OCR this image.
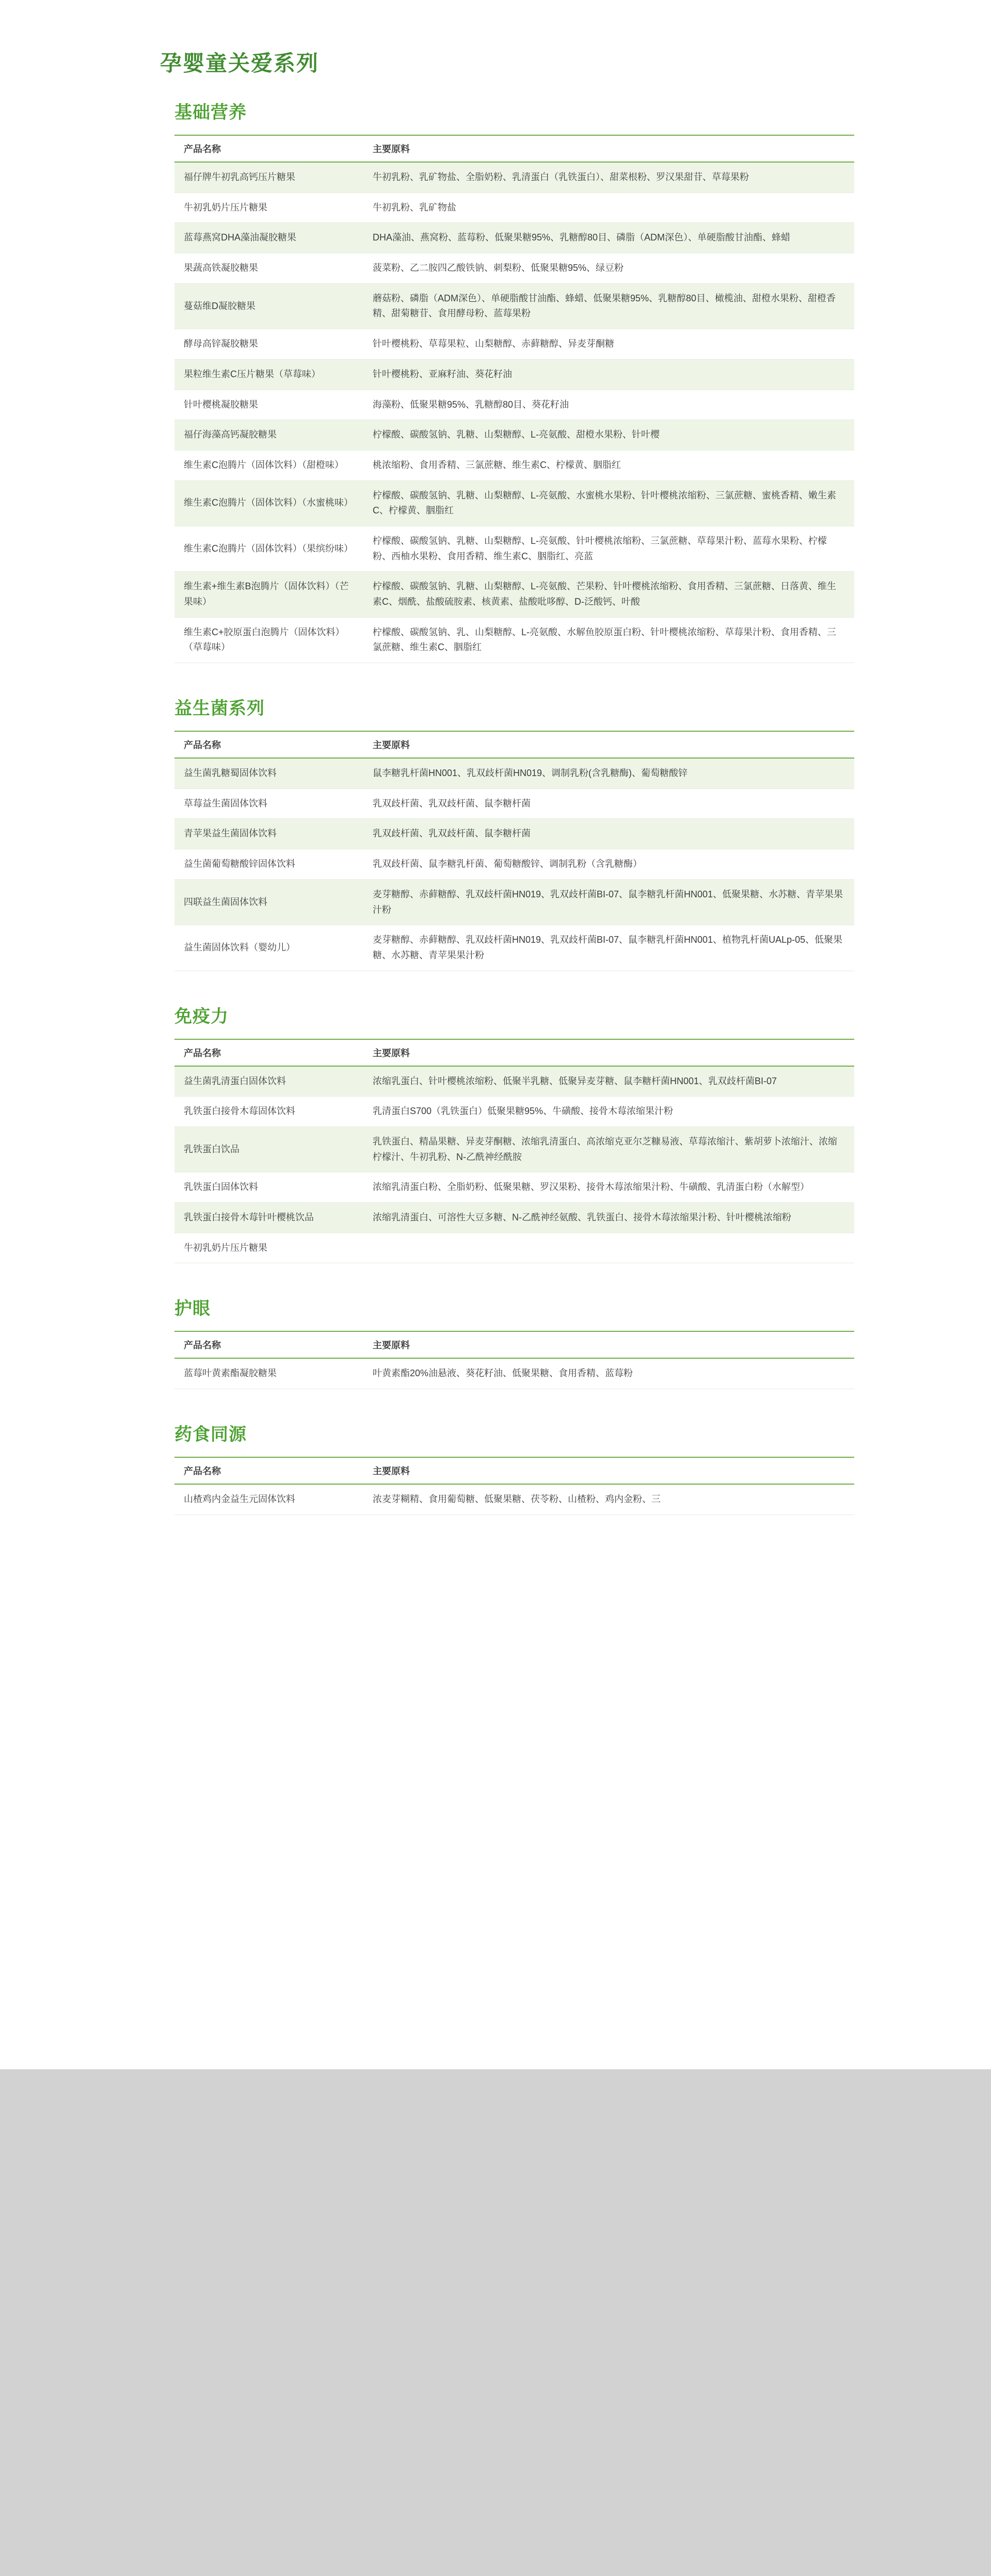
孕婴童关爱系列
基础营养
产品名称	主要原料
福仔牌牛初乳高钙压片糖果	牛初乳粉、乳矿物盐、全脂奶粉、乳清蛋白（乳铁蛋白）、甜菜根粉、罗汉果甜苷、草莓果粉
牛初乳奶片压片糖果	牛初乳粉、乳矿物盐
蓝莓燕窝DHA藻油凝胶糖果	DHA藻油、燕窝粉、蓝莓粉、低聚果糖95%、乳糖醇80目、磷脂（ADM深色）、单硬脂酸甘油酯、蜂蜡
果蔬高铁凝胶糖果	菠菜粉、乙二胺四乙酸铁钠、刺梨粉、低聚果糖95%、绿豆粉
蔓菇维D凝胶糖果	蘑菇粉、磷脂（ADM深色）、单硬脂酸甘油酯、蜂蜡、低聚果糖95%、乳糖醇80目、橄榄油、甜橙水果粉、甜橙香精、甜菊糖苷、食用酵母粉、蓝莓果粉
酵母高锌凝胶糖果	针叶樱桃粉、草莓果粒、山梨糖醇、赤藓糖醇、异麦芽酮糖
果粒维生素C压片糖果（草莓味）	针叶樱桃粉、亚麻籽油、葵花籽油
针叶樱桃凝胶糖果	海藻粉、低聚果糖95%、乳糖醇80目、葵花籽油
福仔海藻高钙凝胶糖果	柠檬酸、碳酸氢钠、乳糖、山梨糖醇、L-亮氨酸、甜橙水果粉、针叶樱
维生素C泡腾片（固体饮料）（甜橙味）	桃浓缩粉、食用香精、三氯蔗糖、维生素C、柠檬黄、胭脂红
维生素C泡腾片（固体饮料）（水蜜桃味）	柠檬酸、碳酸氢钠、乳糖、山梨糖醇、L-亮氨酸、水蜜桃水果粉、针叶樱桃浓缩粉、三氯蔗糖、蜜桃香精、嫩生素C、柠檬黄、胭脂红
维生素C泡腾片（固体饮料）（果缤纷味）	柠檬酸、碳酸氢钠、乳糖、山梨糖醇、L-亮氨酸、针叶樱桃浓缩粉、三氯蔗糖、草莓果汁粉、蓝莓水果粉、柠檬粉、西柚水果粉、食用香精、维生素C、胭脂红、亮蓝
维生素+维生素B泡腾片（固体饮料）（芒果味）	柠檬酸、碳酸氢钠、乳糖、山梨糖醇、L-亮氨酸、芒果粉、针叶樱桃浓缩粉、食用香精、三氯蔗糖、日落黄、维生素C、烟酰、盐酸硫胺素、核黄素、盐酸吡哆醇、D-泛酸钙、叶酸
维生素C+胶原蛋白泡腾片（固体饮料）（草莓味）	柠檬酸、碳酸氢钠、乳、山梨糖醇、L-亮氨酸、水解鱼胶原蛋白粉、针叶樱桃浓缩粉、草莓果汁粉、食用香精、三氯蔗糖、维生素C、胭脂红
益生菌系列
产品名称	主要原料
益生菌乳糖蜀固体饮料	鼠李糖乳杆菌HN001、乳双歧杆菌HN019、调制乳粉(含乳糖酶)、葡萄糖酸锌
草莓益生菌固体饮料	乳双歧杆菌、乳双歧杆菌、鼠李糖杆菌
青苹果益生菌固体饮料	乳双歧杆菌、乳双歧杆菌、鼠李糖杆菌
益生菌葡萄糖酸锌固体饮料	乳双歧杆菌、鼠李糖乳杆菌、葡萄糖酸锌、调制乳粉（含乳糖酶）
四联益生菌固体饮料	麦芽糖醇、赤藓糖醇、乳双歧杆菌HN019、乳双歧杆菌BI-07、鼠李糖乳杆菌HN001、低聚果糖、水苏糖、青苹果果汁粉
益生菌固体饮料（婴幼儿）	麦芽糖醇、赤藓糖醇、乳双歧杆菌HN019、乳双歧杆菌BI-07、鼠李糖乳杆菌HN001、植物乳杆菌UALp-05、低聚果糖、水苏糖、青苹果果汁粉
免疫力
产品名称	主要原料
益生菌乳清蛋白固体饮料	浓缩乳蛋白、针叶樱桃浓缩粉、低聚半乳糖、低聚异麦芽糖、鼠李糖杆菌HN001、乳双歧杆菌BI-07
乳铁蛋白接骨木莓固体饮料	乳清蛋白S700（乳铁蛋白）低聚果糖95%、牛磺酸、接骨木莓浓缩果汁粉
乳铁蛋白饮品	乳铁蛋白、精晶果糖、异麦芽酮糖、浓缩乳清蛋白、高浓缩克亚尔芝糠易液、草莓浓缩汁、紫胡萝卜浓缩汁、浓缩柠檬汁、牛初乳粉、N-乙酰神经酰胺
乳铁蛋白固体饮料	浓缩乳清蛋白粉、全脂奶粉、低聚果糖、罗汉果粉、接骨木莓浓缩果汁粉、牛磺酸、乳清蛋白粉（水解型）
乳铁蛋白接骨木莓针叶樱桃饮品	浓缩乳清蛋白、可溶性大豆多糖、N-乙酰神经氨酸、乳铁蛋白、接骨木莓浓缩果汁粉、针叶樱桃浓缩粉
牛初乳奶片压片糖果	
护眼
产品名称	主要原料
蓝莓叶黄素酯凝胶糖果	叶黄素酯20%油悬液、葵花籽油、低聚果糖、食用香精、蓝莓粉
药食同源
产品名称	主要原料
山楂鸡内金益生元固体饮料	浓麦芽糊精、食用葡萄糖、低聚果糖、茯苓粉、山楂粉、鸡内金粉、三
